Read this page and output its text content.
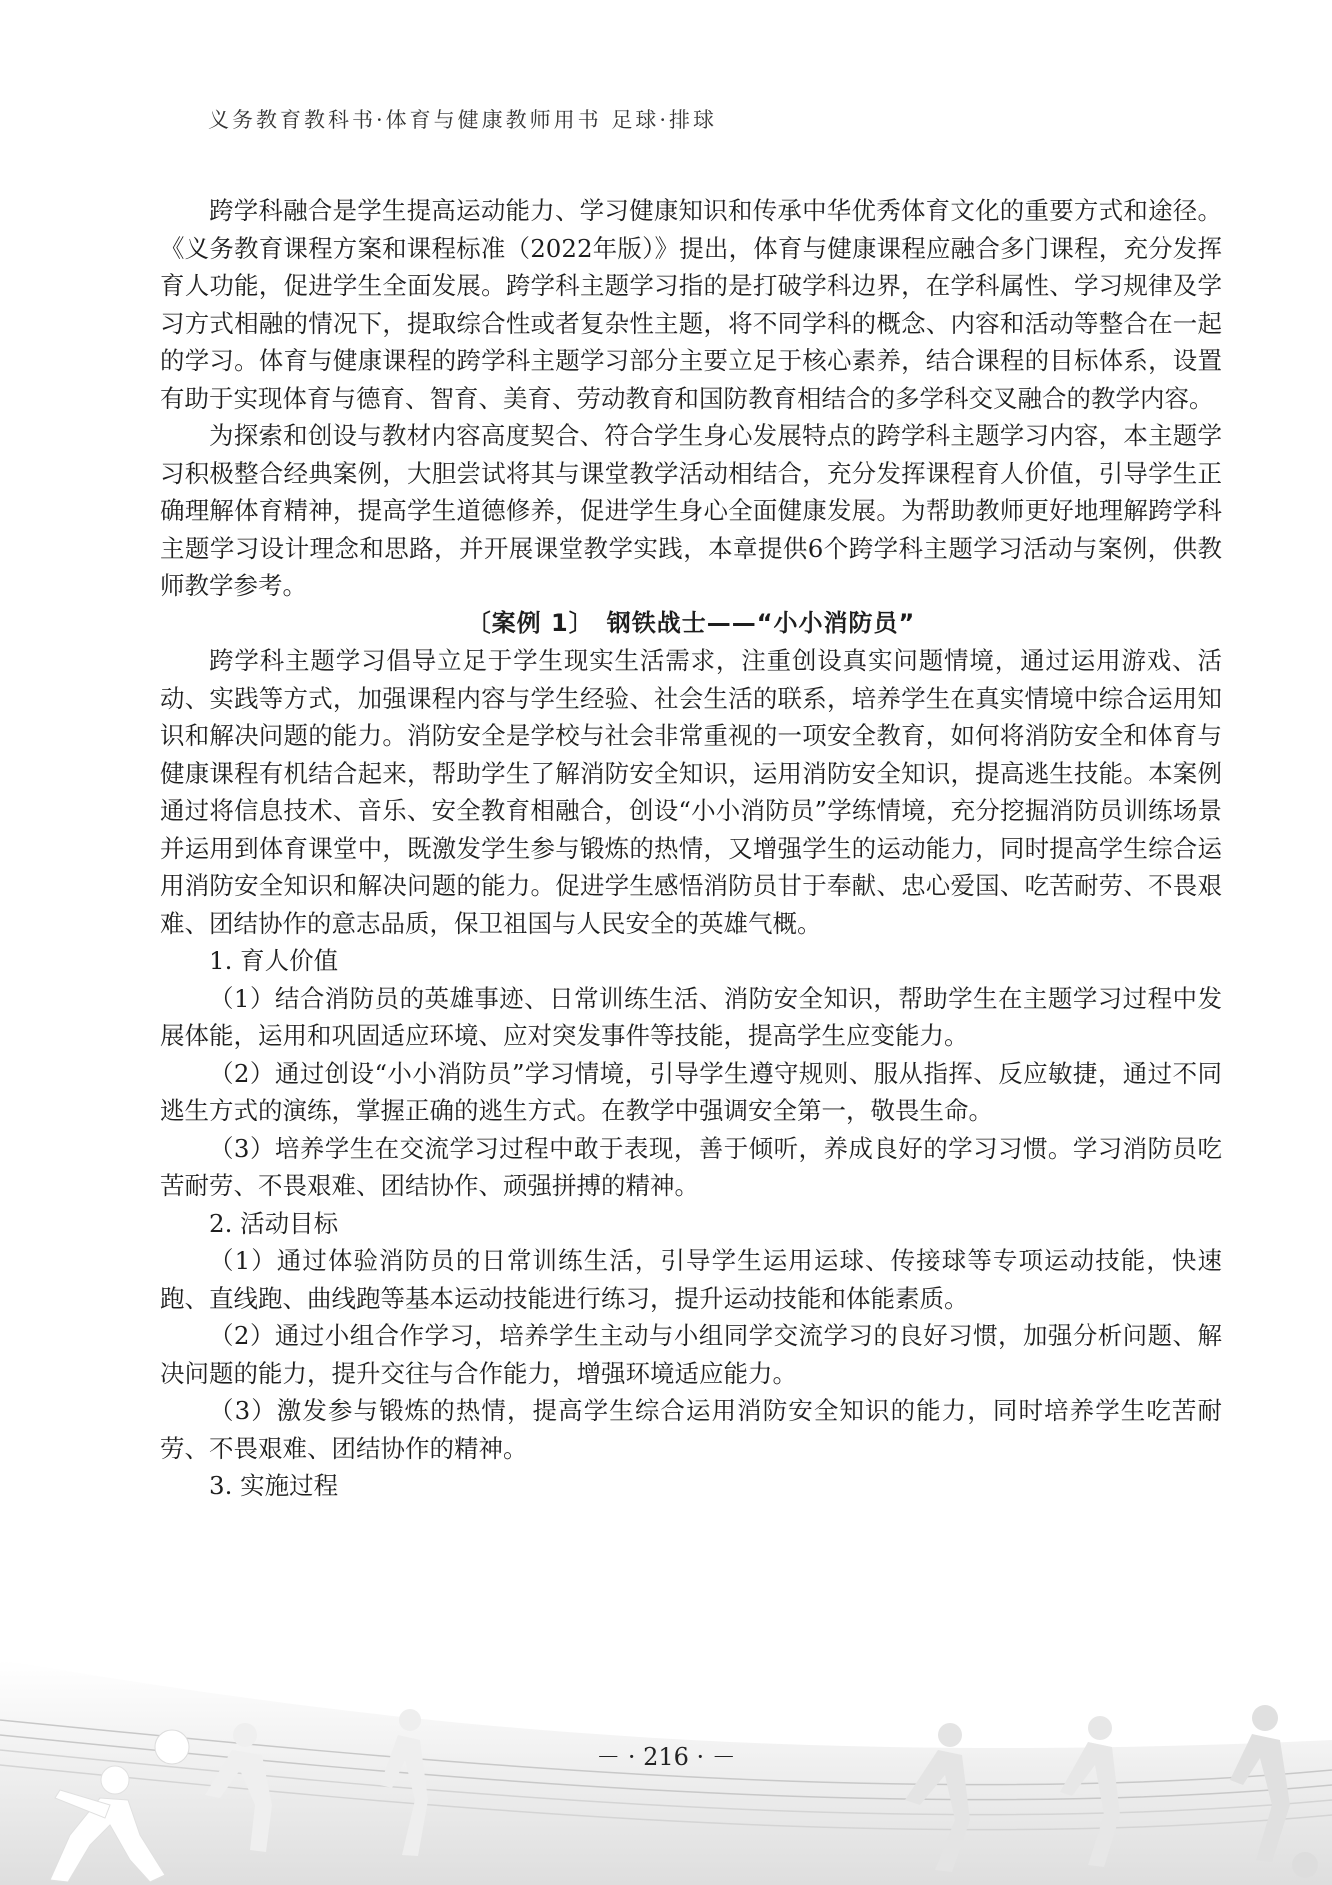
义务教育教科书·体育与健康教师用书 足球·排球

跨学科融合是学生提高运动能力、学习健康知识和传承中华优秀体育文化的重要方式和途径。《义务教育课程方案和课程标准（2022年版）》提出，体育与健康课程应融合多门课程，充分发挥育人功能，促进学生全面发展。跨学科主题学习指的是打破学科边界，在学科属性、学习规律及学习方式相融的情况下，提取综合性或者复杂性主题，将不同学科的概念、内容和活动等整合在一起的学习。体育与健康课程的跨学科主题学习部分主要立足于核心素养，结合课程的目标体系，设置有助于实现体育与德育、智育、美育、劳动教育和国防教育相结合的多学科交叉融合的教学内容。

为探索和创设与教材内容高度契合、符合学生身心发展特点的跨学科主题学习内容，本主题学习积极整合经典案例，大胆尝试将其与课堂教学活动相结合，充分发挥课程育人价值，引导学生正确理解体育精神，提高学生道德修养，促进学生身心全面健康发展。为帮助教师更好地理解跨学科主题学习设计理念和思路，并开展课堂教学实践，本章提供6个跨学科主题学习活动与案例，供教师教学参考。

〔案例 1〕　钢铁战士——“小小消防员”

跨学科主题学习倡导立足于学生现实生活需求，注重创设真实问题情境，通过运用游戏、活动、实践等方式，加强课程内容与学生经验、社会生活的联系，培养学生在真实情境中综合运用知识和解决问题的能力。消防安全是学校与社会非常重视的一项安全教育，如何将消防安全和体育与健康课程有机结合起来，帮助学生了解消防安全知识，运用消防安全知识，提高逃生技能。本案例通过将信息技术、音乐、安全教育相融合，创设“小小消防员”学练情境，充分挖掘消防员训练场景并运用到体育课堂中，既激发学生参与锻炼的热情，又增强学生的运动能力，同时提高学生综合运用消防安全知识和解决问题的能力。促进学生感悟消防员甘于奉献、忠心爱国、吃苦耐劳、不畏艰难、团结协作的意志品质，保卫祖国与人民安全的英雄气概。

1. 育人价值

（1）结合消防员的英雄事迹、日常训练生活、消防安全知识，帮助学生在主题学习过程中发展体能，运用和巩固适应环境、应对突发事件等技能，提高学生应变能力。

（2）通过创设“小小消防员”学习情境，引导学生遵守规则、服从指挥、反应敏捷，通过不同逃生方式的演练，掌握正确的逃生方式。在教学中强调安全第一，敬畏生命。

（3）培养学生在交流学习过程中敢于表现，善于倾听，养成良好的学习习惯。学习消防员吃苦耐劳、不畏艰难、团结协作、顽强拼搏的精神。

2. 活动目标

（1）通过体验消防员的日常训练生活，引导学生运用运球、传接球等专项运动技能，快速跑、直线跑、曲线跑等基本运动技能进行练习，提升运动技能和体能素质。

（2）通过小组合作学习，培养学生主动与小组同学交流学习的良好习惯，加强分析问题、解决问题的能力，提升交往与合作能力，增强环境适应能力。

（3）激发参与锻炼的热情，提高学生综合运用消防安全知识的能力，同时培养学生吃苦耐劳、不畏艰难、团结协作的精神。

3. 实施过程
－ · 216 · －
